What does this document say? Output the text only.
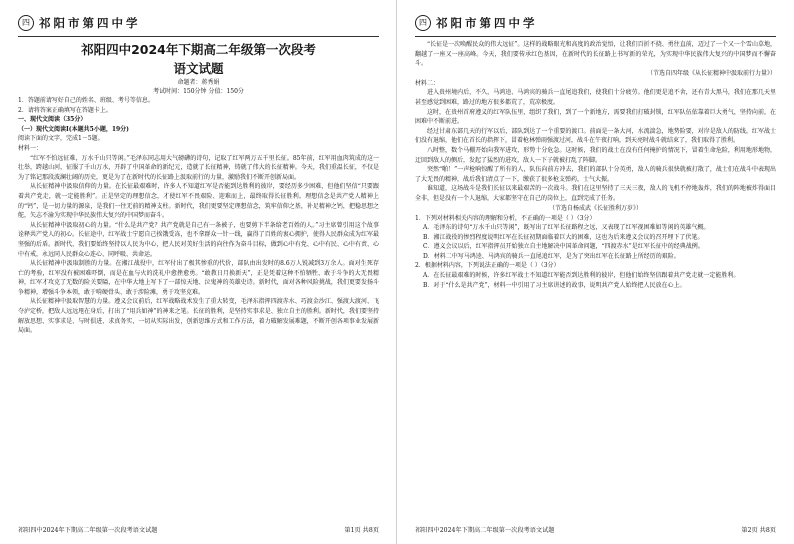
四 祁阳市第四中学
祁阳四中2024年下期高二年级第一次段考
语文试题
命题者：蒋秀娟
考试时间：150分钟 分值：150分

1．答题前请写好自己的姓名、班级、考号等信息。

2．请将答案正确填写在答题卡上。

一、现代文阅读（35分）

（一）现代文阅读Ⅰ(本题共5小题，19分)

阅读下面的文字，完成1－5题。

材料一：

“红军不怕远征难，万水千山只等闲。”毛泽东同志用大气磅礴的诗句，记取了红军两万五千里长征。85年前，红军用血肉筑成的这一壮举，跨越山河，征服了千山万水，开辟了中国革命的新纪元，造就了长征精神，铸就了伟大的长征精神。今天，我们重温长征，不仅是为了铭记那段波澜壮阔的历史，更是为了在新时代的长征路上汲取前行的力量，激励我们不断开创新局面。

从长征精神中汲取信仰的力量。在长征最艰难时，许多人不知道红军是否能到达胜利的彼岸，要经历多少困难，但他们坚信“只要跟着共产党走，就一定能胜利”。正是坚定的理想信念，才使红军不畏艰险、迎难而上，最终取得长征胜利。理想信念是共产党人精神上的“钙”，是一切力量的源泉，是我们一往无前的精神支柱。新时代，我们更要坚定理想信念，筑牢信仰之基，补足精神之钙，把稳思想之舵，矢志不渝为实现中华民族伟大复兴的中国梦而奋斗。

从长征精神中汲取初心的力量。“什么是共产党？共产党就是自己有一条被子，也要剪下半条给老百姓的人。”习主席曾引用这个故事诠释共产党人的初心。长征途中，红军战士宁愿自己挨饿受冻，也不拿群众一针一线，赢得了百姓的衷心拥护，使得人民群众成为红军最坚强的后盾。新时代，我们要始终坚持以人民为中心，把人民对美好生活的向往作为奋斗目标，做到心中有党、心中有民、心中有责、心中有戒，永远同人民群众心连心、同呼吸、共命运。

从长征精神中汲取制胜的力量。在湘江战役中，红军付出了极其惨重的代价，部队由出发时的8.6万人锐减到3万余人。面对生死存亡的考验，红军没有被困难吓倒，而是在血与火的洗礼中愈挫愈勇。“敢教日月换新天”，正是凭着这种不怕牺牲、敢于斗争的大无畏精神，红军才攻克了无数的险关要隘，在中华大地上写下了一部惊天地、泣鬼神的英雄史诗。新时代，面对各种风险挑战，我们更要发扬斗争精神，增强斗争本领，敢于啃硬骨头、敢于涉险滩，勇于攻坚克难。

从长征精神中汲取智慧的力量。遵义会议前后，红军战略战术发生了重大转变，毛泽东指挥四渡赤水、巧渡金沙江、强渡大渡河、飞夺泸定桥，把敌人远远甩在身后，打出了“用兵如神”的神来之笔。长征的胜利，是坚持实事求是、独立自主的胜利。新时代，我们要坚持解放思想、实事求是、与时俱进、求真务实，一切从实际出发，创新思维方式和工作方法，着力破解发展难题，不断开创各项事业发展新局面。

祁阳四中2024年下期高二年级第一次段考语文试题	第1页 共8页
四 祁阳市第四中学

“长征是一次唤醒民众的伟大远征”。这样的战略眼光和高度的政治觉悟，让我们百折不挠、勇往直前，迈过了一个又一个雪山草地，翻越了一座又一座高峰。今天，我们要传承红色基因，在新时代的长征路上书写新的荣光，为实现中华民族伟大复兴的中国梦而不懈奋斗。

（节选自四年级《从长征精神中汲取前行力量》）

材料二：

进入贵州境内后，不久，马鸿逵、马鸿宾的骑兵一直尾追我们，使我们十分疲劳。他们更是追不舍，还有青大黑马，我们在那几天里甚至感觉到困难，路过的地方很多都荒了，荒凉极度。

这时，在贵州首府遵义的红军队伍里，组织了我们，到了一个新地方，需要我们打破封锁，红军队伍依靠着巨大勇气，坚持向前，在困难中不断前进。

经过甘肃东部几天的行军以后，部队到达了一个重要的渡口。前面是一条大河，水流湍急，地势险要，对岸是敌人的防线。红军战士们没有退缩，他们在首长的指挥下，冒着枪林弹雨强渡过河，战斗在午夜打响，到天亮时战斗就结束了，我们取得了胜利。

八时整，数个马棚开始向我军进攻，形势十分危急。这时候，我们的战士在没有任何掩护的情况下，冒着生命危险，利用地形地物，迂回到敌人的侧后，发起了猛烈的进攻，敌人一下子就被打乱了阵脚。

突然“啪！”一声枪响惊醒了所有的人，队伍向前方冲去，我们的部队十分英勇，敌人的骑兵很快就被打散了，战士们在战斗中表现出了大无畏的精神，战后我们清点了一下，缴获了很多枪支弹药，士气大振。

谁知道，这场战斗是我们长征以来最艰苦的一次战斗。我们在这里坚持了三天三夜，敌人的飞机不停地轰炸，我们的阵地被炸得面目全非，但是没有一个人退缩，大家都坚守在自己的岗位上，直到完成了任务。

（节选自杨成武《长征胜利万岁》）

1．下列对材料相关内容的理解和分析，不正确的一项是（ ）（3分）

A．毛泽东的诗句“万水千山只等闲”，既写出了红军长征路程之远，又表现了红军视困难如等闲的英雄气概。

B．湘江战役的惨烈程度说明红军在长征初期面临着巨大的困难，这也为后来遵义会议的召开埋下了伏笔。

C．遵义会议以后，红军指挥员开始独立自主地解决中国革命问题，“四渡赤水”是红军长征中的经典战例。

D．材料二中写马鸿逵、马鸿宾的骑兵一直尾追红军，是为了突出红军在长征路上所经历的艰险。

2．根据材料内容，下列说法正确的一项是（ ）（3分）

A．在长征最艰难的时候，许多红军战士不知道红军能否到达胜利的彼岸，但他们始终坚信跟着共产党走就一定能胜利。

B．对于“什么是共产党”，材料一中引用了习主席讲述的故事，说明共产党人始终把人民放在心上。

祁阳四中2024年下期高二年级第一次段考语文试题	第2页 共8页
